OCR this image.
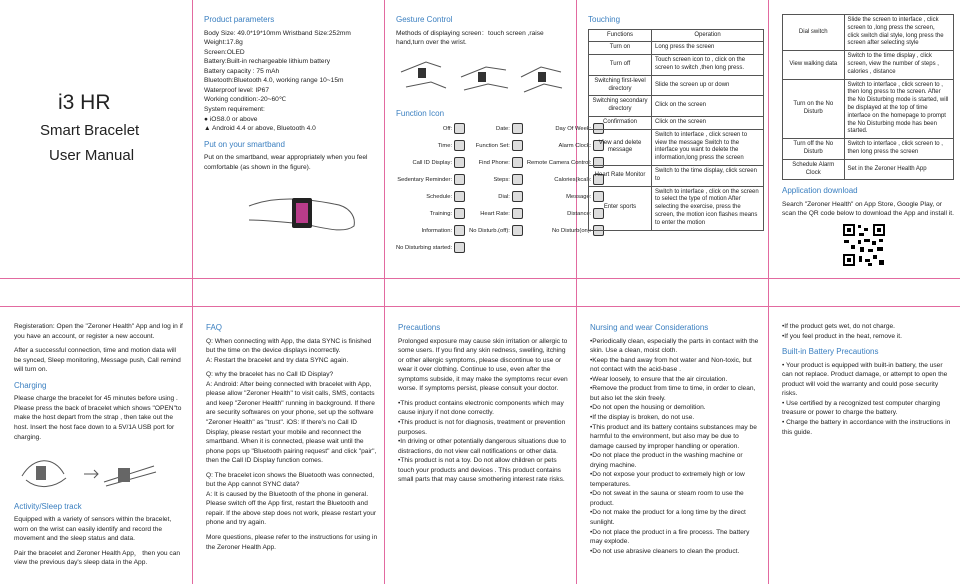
i3 HR
Smart Bracelet
User Manual
Product parameters

Body Size: 49.0*19*10mm Wristband Size:252mm

Weight:17.8g

Screen:OLED

Battery:Built-in rechargeable lithium battery

Battery capacity : 75 mAh

Bluetooth:Bluetooth 4.0, working range 10~15m

Waterproof level: IP67

Working condition:-20~60℃

System requirement:

● iOS8.0 or above

▲ Android 4.4 or above, Bluetooth 4.0

Put on your smartband

Put on the smartband, wear appropriately when you feel comfortable (as shown in the figure).

Gesture Control

Methods of displaying screen：touch screen ,raise hand,turn over the wrist.

Function Icon
Off:	Date:	Day Of Week:
Time:	Function Set:	Alarm Clock:
Call ID Display:	Find Phone:	Remote Camera Control:
Sedentary Reminder:	Steps:	Calories(kcal):
Schedule:	Dial:	Message:
Training:	Heart Rate:	Distance:
Information:	No Disturb.(off):	No Disturb(on):
No Disturbing started:
Touching
Functions	Operation
Turn on	Long press the screen
Turn off	Touch screen icon to , click on the screen to switch ,then long press.
Switching first-level directory	Slide the screen up or down
Switching secondary directory	Click on the screen
Confirmation	Click on the screen
View and delete message	Switch to interface , click screen to view the message Switch to the interface you want to delete the information,long press the screen
Heart Rate Monitor	Switch to the time display, click screen to
Enter sports	Switch to interface , click on the screen to select the type of motion After selecting the exercise, press the screen, the motion icon flashes means to enter the motion
Dial switch	Slide the screen to interface , click screen to ,long press the screen，click switch dial style, long press the screen after selecting style
View walking data	Switch to the time display , click screen, view the number of steps , calories , distance
Turn on the No Disturb	Switch to interface , click screen to , then long press to the screen. After the No Disturbing mode is started, will be displayed at the top of time interface on the homepage to prompt the No Disturbing mode has been started.
Turn off the No Disturb	Switch to interface , click screen to , then long press the screen
Schedule Alarm Clock	Set in the Zeroner Health App
Application download

Search "Zeroner Health" on App Store, Google Play, or scan the QR code below to download the App and install it.

Registeration: Open the "Zeroner Health" App and log in if you have an account, or register a new account.

After a successful connection, time and motion data will be synced, Sleep monitoring, Message push, Call remind will turn on.

Charging

Please charge the bracelet for 45 minutes before using . Please press the back of bracelet which shows "OPEN"to make the host depart from the strap , then take out the host. Insert the host face down to a 5V/1A USB port for charging.

Activity/Sleep track

Equipped with a variety of sensors within the bracelet, worn on the wrist can easily identify and record the movement and the sleep status and data.

Pair the bracelet and Zeroner Health App， then you can view the previous day's sleep data in the App.

FAQ

Q: When connecting with App, the data SYNC is finished but the time on the device displays incorrectly.

A: Restart the bracelet and try data SYNC again.

Q: why the bracelet has no Call ID Display?

A: Android: After being connected with bracelet with App, please allow "Zeroner Health" to visit calls, SMS, contacts and keep "Zeroner Health" running in background. If there are security softwares on your phone, set up the software "Zeroner Health" as "trust". iOS: If there's no Call ID Display, please restart your mobile and reconnect the smartband. When it is connected, please wait until the phone pops up "Bluetooth pairing request" and click "pair", then the Call ID Display function comes.

Q: The bracelet icon shows the Bluetooth was connected, but the App cannot SYNC data?

A: It is caused by the Bluetooth of the phone in general. Please switch off the App first, restart the Bluetooth and repair. If the above step does not work, please restart your phone and try again.

More questions, please refer to the instructions for using in the Zeroner Health App.

Precautions

Prolonged exposure may cause skin irritation or allergic to some users. If you find any skin redness, swelling, itching or other allergic symptoms, please discontinue to use or wear it over clothing. Continue to use, even after the symptoms subside, it may make the symptoms recur even worse. If symptoms persist, please consult your doctor.

•This product contains electronic components which may cause injury if not done correctly.

•This product is not for diagnosis, treatment or prevention purposes.

•In driving or other potentially dangerous situations due to distractions, do not view call notifications or other data.

•This product is not a toy. Do not allow children or pets touch your products and devices . This product contains small parts that may cause smothering interest rate risks.

Nursing and wear Considerations

•Periodically clean, especially the parts in contact with the skin. Use a clean, moist cloth.

•Keep the band away from hot water and Non-toxic, but not contact with the acid-base .

•Wear loosely, to ensure that the air circulation.

•Remove the product from time to time, in order to clean, but also let the skin freely.

•Do not open the housing or demolition.

•If the display is broken, do not use.

•This product and its battery contains substances may be harmful to the environment, but also may be due to damage caused by improper handling or operation.

•Do not place the product in the washing machine or drying machine.

•Do not expose your product to extremely high or low temperatures.

•Do not sweat in the sauna or steam room to use the product.

•Do not make the product for a long time by the direct sunlight.

•Do not place the product in a fire process. The battery may explode.

•Do not use abrasive cleaners to clean the product.

•If the product gets wet, do not charge.

•If you feel product in the heat, remove it.

Built-in Battery Precautions

• Your product is equipped with built-in battery, the user can not replace. Product damage, or attempt to open the product will void the warranty and could pose security risks.

• Use certified by a recognized test computer charging treasure or power to charge the battery.

• Charge the battery in accordance with the instructions in this guide.
